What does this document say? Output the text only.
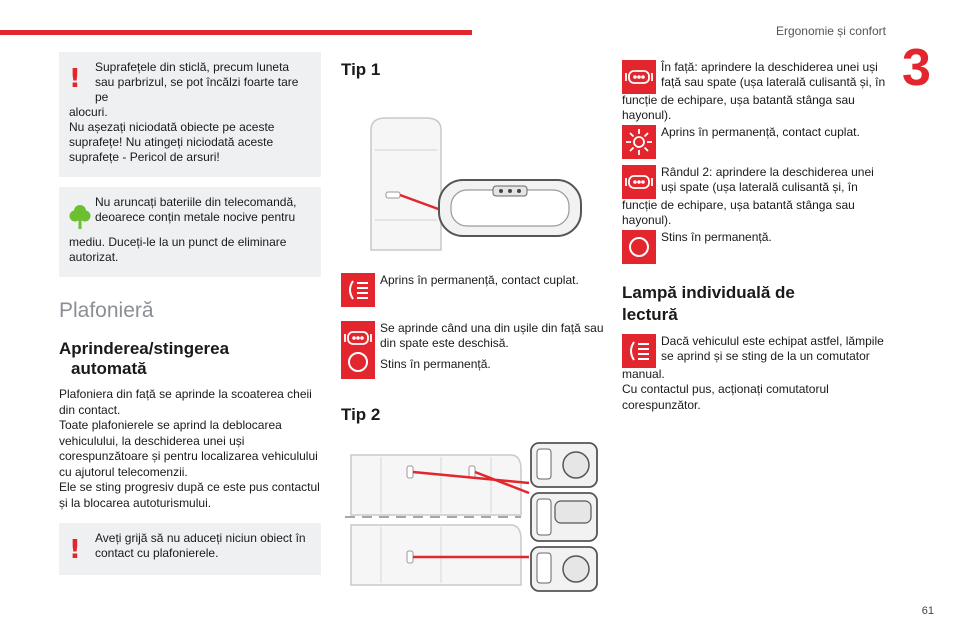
Ergonomie și confort
3
61
!	Suprafețele din sticlă, precum luneta sau parbrizul, se pot încălzi foarte tare pe
alocuri.
Nu așezați niciodată obiecte pe aceste suprafețe! Nu atingeți niciodată aceste suprafețe - Pericol de arsuri!
Nu aruncați bateriile din telecomandă, deoarece conțin metale nocive pentru
mediu. Duceți-le la un punct de eliminare autorizat.
Plafonieră
Aprinderea/stingerea
automată
Plafoniera din față se aprinde la scoaterea cheii din contact.
Toate plafonierele se aprind la deblocarea vehiculului, la deschiderea unei uși corespunzătoare și pentru localizarea vehiculului cu ajutorul telecomenzii.
Ele se sting progresiv după ce este pus contactul și la blocarea autoturismului.
!	Aveți grijă să nu aduceți niciun obiect în contact cu plafonierele.
Tip 1
Aprins în permanență, contact cuplat.
Se aprinde când una din ușile din față sau din spate este deschisă.
Stins în permanență.
Tip 2
În față: aprindere la deschiderea unei uși față sau spate (ușa laterală culisantă și, în
funcție de echipare, ușa batantă stânga sau hayonul).
Aprins în permanență, contact cuplat.
Rândul 2: aprindere la deschiderea unei uși spate (ușa laterală culisantă și, în
funcție de echipare, ușa batantă stânga sau hayonul).
Stins în permanență.
Lampă individuală de
lectură
Dacă vehiculul este echipat astfel, lămpile se aprind și se sting de la un comutator
manual.
Cu contactul pus, acționați comutatorul corespunzător.
